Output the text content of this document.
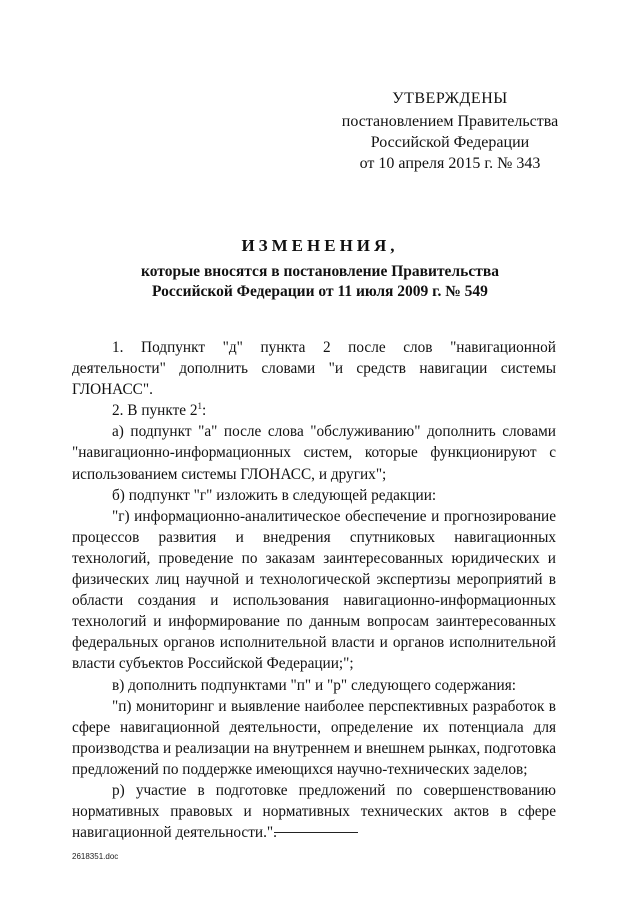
УТВЕРЖДЕНЫ
постановлением Правительства
Российской Федерации
от 10 апреля 2015 г. № 343
ИЗМЕНЕНИЯ,
которые вносятся в постановление Правительства
Российской Федерации от 11 июля 2009 г. № 549

1. Подпункт "д" пункта 2 после слов "навигационной деятельности" дополнить словами "и средств навигации системы ГЛОНАСС".

2. В пункте $2^1$:

а) подпункт "а" после слова "обслуживанию" дополнить словами "навигационно-информационных систем, которые функционируют с использованием системы ГЛОНАСС, и других";

б) подпункт "г" изложить в следующей редакции:

"г) информационно-аналитическое обеспечение и прогнозирование процессов развития и внедрения спутниковых навигационных технологий, проведение по заказам заинтересованных юридических и физических лиц научной и технологической экспертизы мероприятий в области создания и использования навигационно-информационных технологий и информирование по данным вопросам заинтересованных федеральных органов исполнительной власти и органов исполнительной власти субъектов Российской Федерации;";

в) дополнить подпунктами "п" и "р" следующего содержания:

"п) мониторинг и выявление наиболее перспективных разработок в сфере навигационной деятельности, определение их потенциала для производства и реализации на внутреннем и внешнем рынках, подготовка предложений по поддержке имеющихся научно-технических заделов;

р) участие в подготовке предложений по совершенствованию нормативных правовых и нормативных технических актов в сфере навигационной деятельности.".

2618351.doc
